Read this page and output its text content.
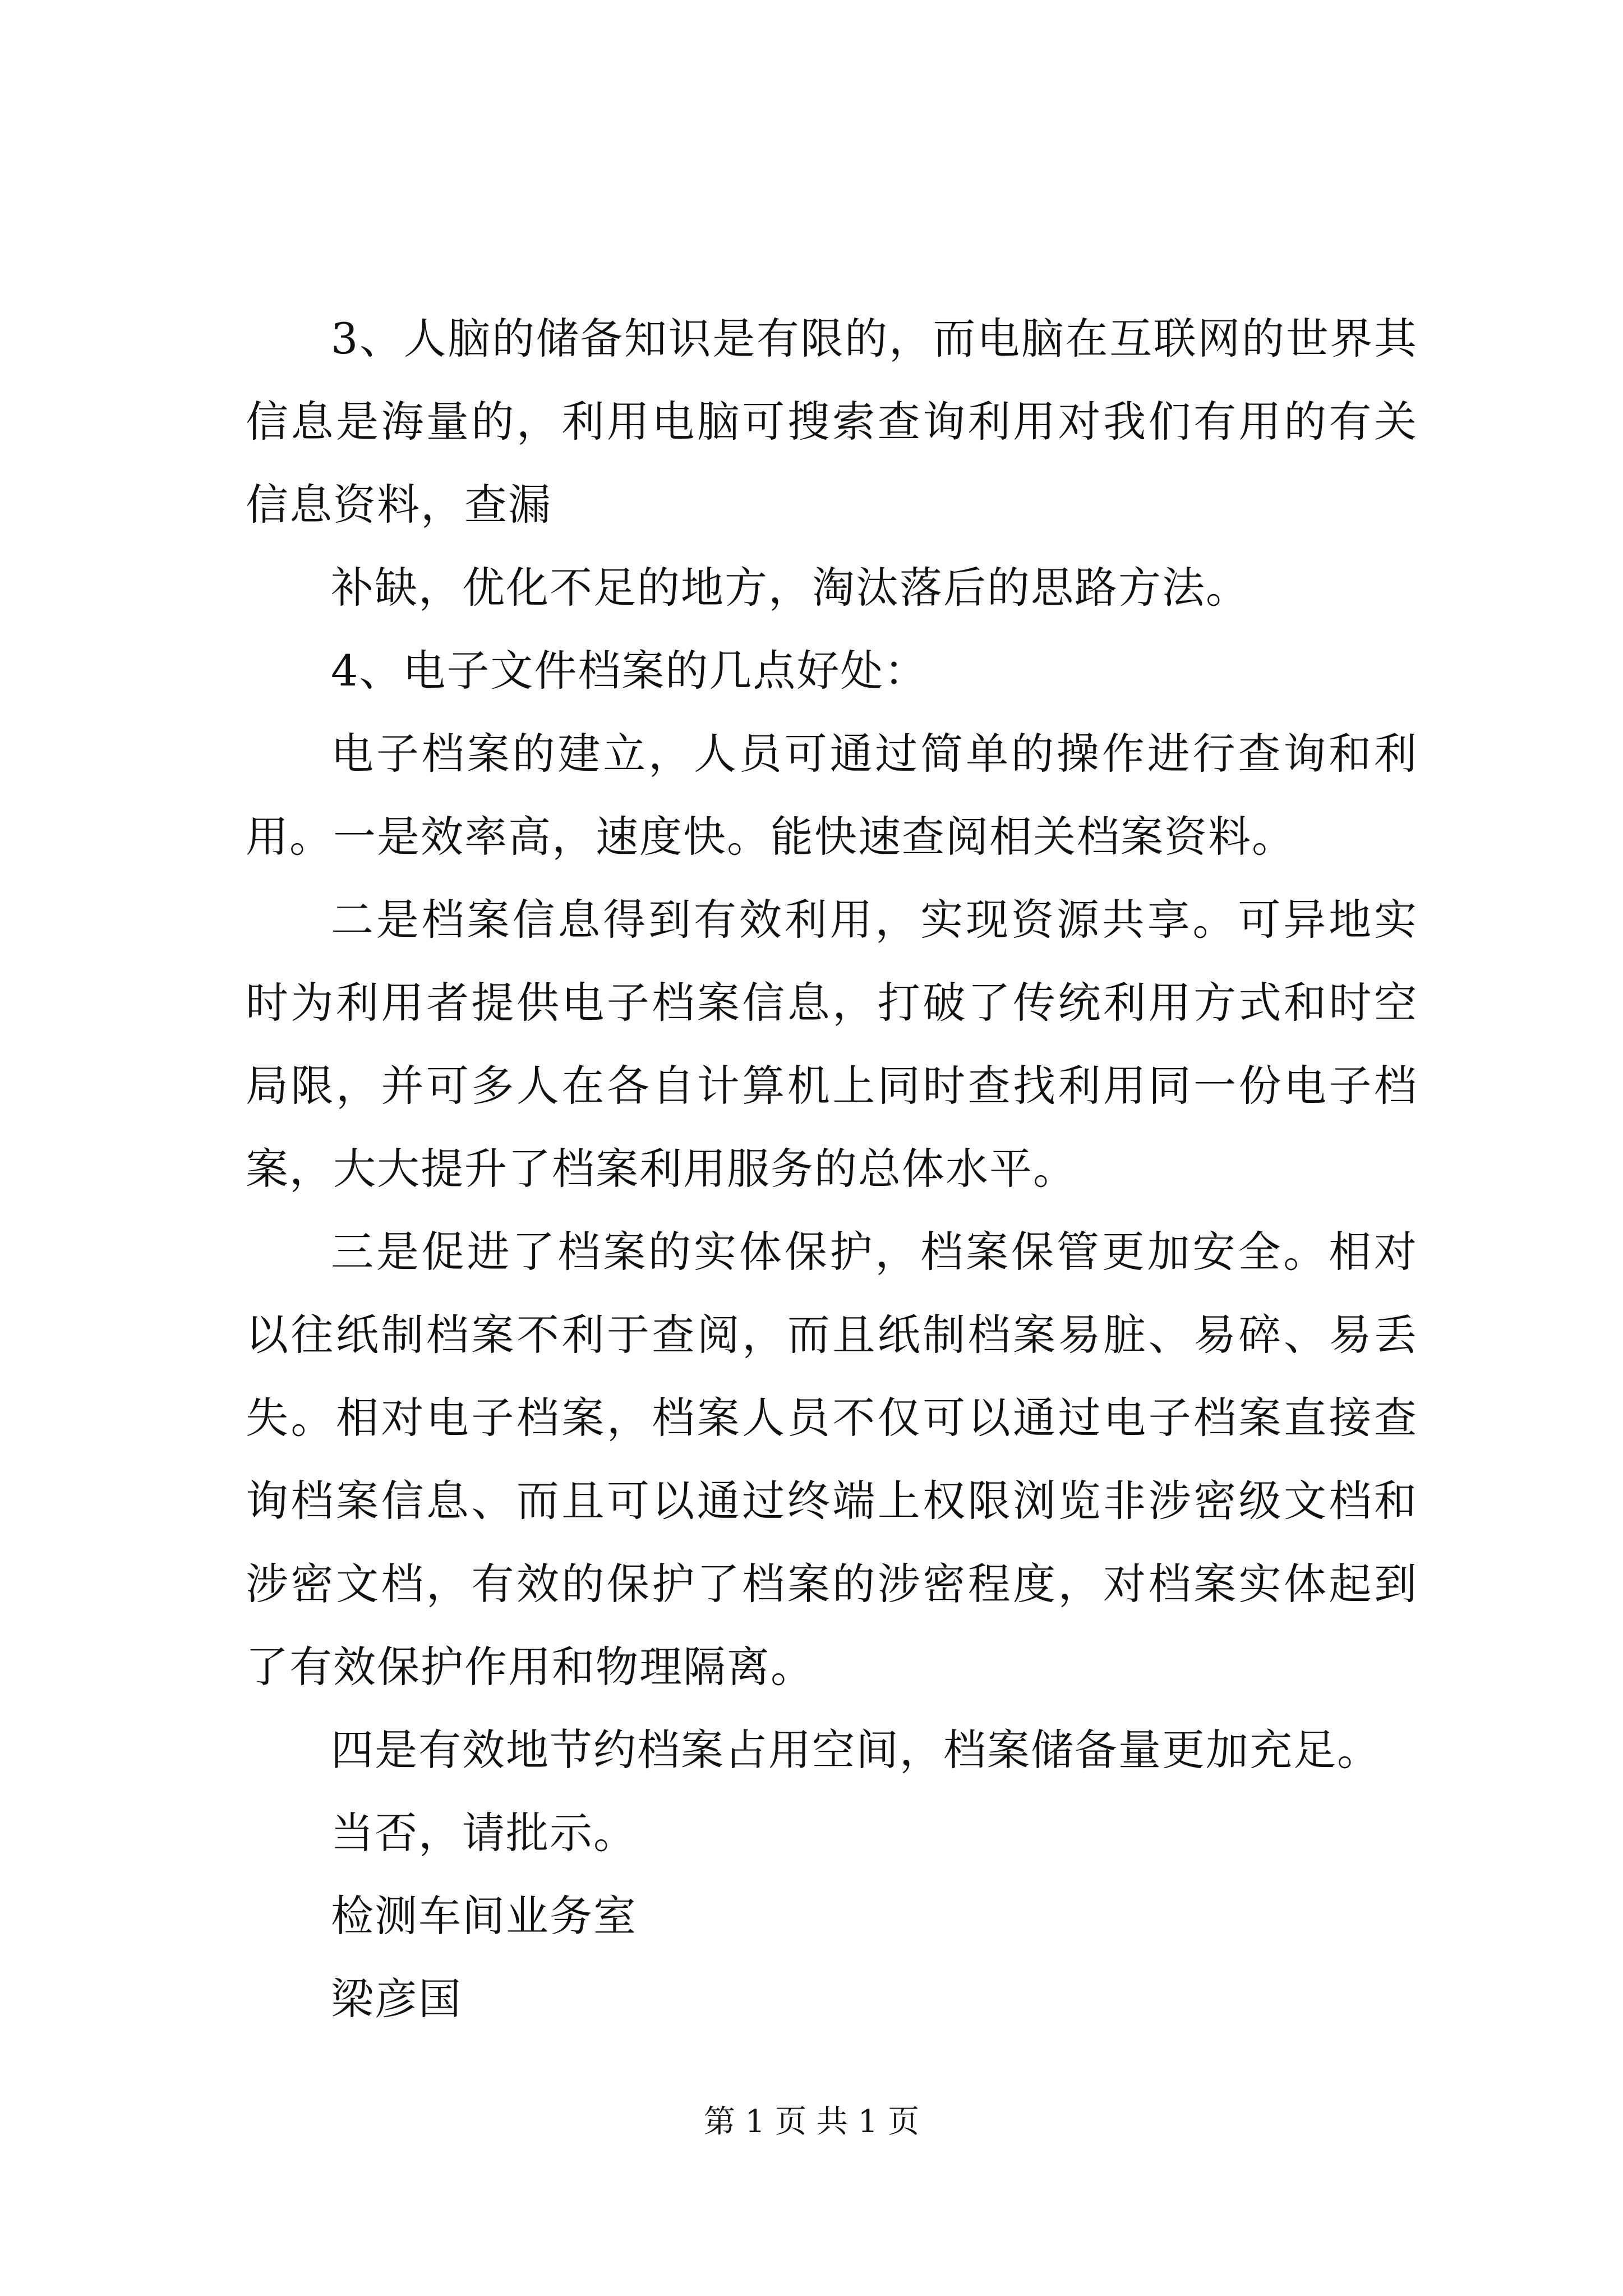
3、人脑的储备知识是有限的，而电脑在互联网的世界其信息是海量的，利用电脑可搜索查询利用对我们有用的有关信息资料，查漏

补缺，优化不足的地方，淘汰落后的思路方法。

4、电子文件档案的几点好处：

电子档案的建立，人员可通过简单的操作进行查询和利用。一是效率高，速度快。能快速查阅相关档案资料。

二是档案信息得到有效利用，实现资源共享。可异地实时为利用者提供电子档案信息，打破了传统利用方式和时空局限，并可多人在各自计算机上同时查找利用同一份电子档案，大大提升了档案利用服务的总体水平。

三是促进了档案的实体保护，档案保管更加安全。相对以往纸制档案不利于查阅，而且纸制档案易脏、易碎、易丢失。相对电子档案，档案人员不仅可以通过电子档案直接查询档案信息、而且可以通过终端上权限浏览非涉密级文档和涉密文档，有效的保护了档案的涉密程度，对档案实体起到了有效保护作用和物理隔离。

四是有效地节约档案占用空间，档案储备量更加充足。

当否，请批示。

检测车间业务室

梁彦国

第 1 页 共 1 页
